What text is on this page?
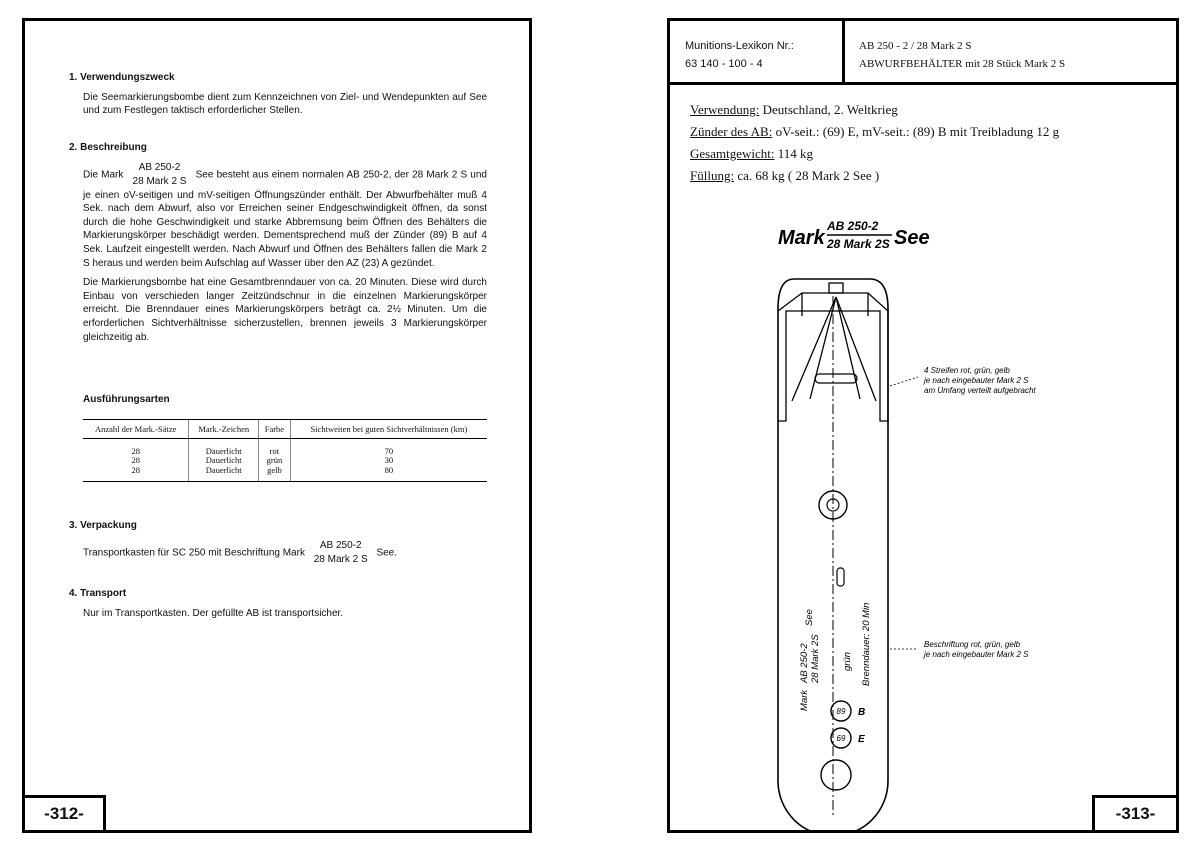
1. Verwendungszweck

Die Seemarkierungsbombe dient zum Kennzeichnen von Ziel- und Wendepunkten auf See und zum Festlegen taktisch erforderlicher Stellen.

2. Beschreibung

Die Mark
AB 250-2
28 Mark 2 S
See besteht aus einem normalen AB 250-2, der 28 Mark 2 S und je einen oV-seitigen und mV-seitigen Öffnungszünder enthält. Der Abwurfbehälter muß 4 Sek. nach dem Abwurf, also vor Erreichen seiner Endgeschwindigkeit öffnen, da sonst durch die hohe Geschwindigkeit und starke Abbremsung beim Öffnen des Behälters die Markierungskörper beschädigt werden. Dementsprechend muß der Zünder (89) B auf 4 Sek. Laufzeit eingestellt werden. Nach Abwurf und Öffnen des Behälters fallen die Mark 2 S heraus und werden beim Aufschlag auf Wasser über den AZ (23) A gezündet.

Die Markierungsbombe hat eine Gesamtbrenndauer von ca. 20 Minuten. Diese wird durch Einbau von verschieden langer Zeitzündschnur in die einzelnen Markierungskörper erreicht. Die Brenndauer eines Markierungskörpers beträgt ca. 2½ Minuten. Um die erforderlichen Sichtverhältnisse sicherzustellen, brennen jeweils 3 Markierungskörper gleichzeitig ab.

Ausführungsarten
Anzahl der Mark.-Sätze	Mark.-Zeichen	Farbe	Sichtweiten bei guten Sichtverhältnissen (km)
28	Dauerlicht	rot	70
28	Dauerlicht	grün	30
28	Dauerlicht	gelb	80
3. Verpackung

Transportkasten für SC 250 mit Beschriftung Mark
AB 250-2
28 Mark 2 S
See.

4. Transport

Nur im Transportkasten. Der gefüllte AB ist transportsicher.

-312-
Munitions-Lexikon Nr.:
63 140 - 100 - 4
AB 250 - 2 / 28 Mark 2 S
ABWURFBEHÄLTER mit 28 Stück Mark 2 S
Verwendung: Deutschland, 2. Weltkrieg
Zünder des AB: oV-seit.: (69) E, mV-seit.: (89) B mit Treibladung 12 g
Gesamtgewicht: 114 kg
Füllung: ca. 68 kg ( 28 Mark 2 See )
Mark
AB 250-2
28 Mark 2S See
89 B
69 E
Mark
AB 250-2 28 Mark 2S
See
grün Brenndauer: 20 Min
4 Streifen rot, grün, gelb
je nach eingebauter Mark 2 S
am Umfang verteilt aufgebracht
Beschriftung rot, grün, gelb
je nach eingebauter Mark 2 S
-313-
